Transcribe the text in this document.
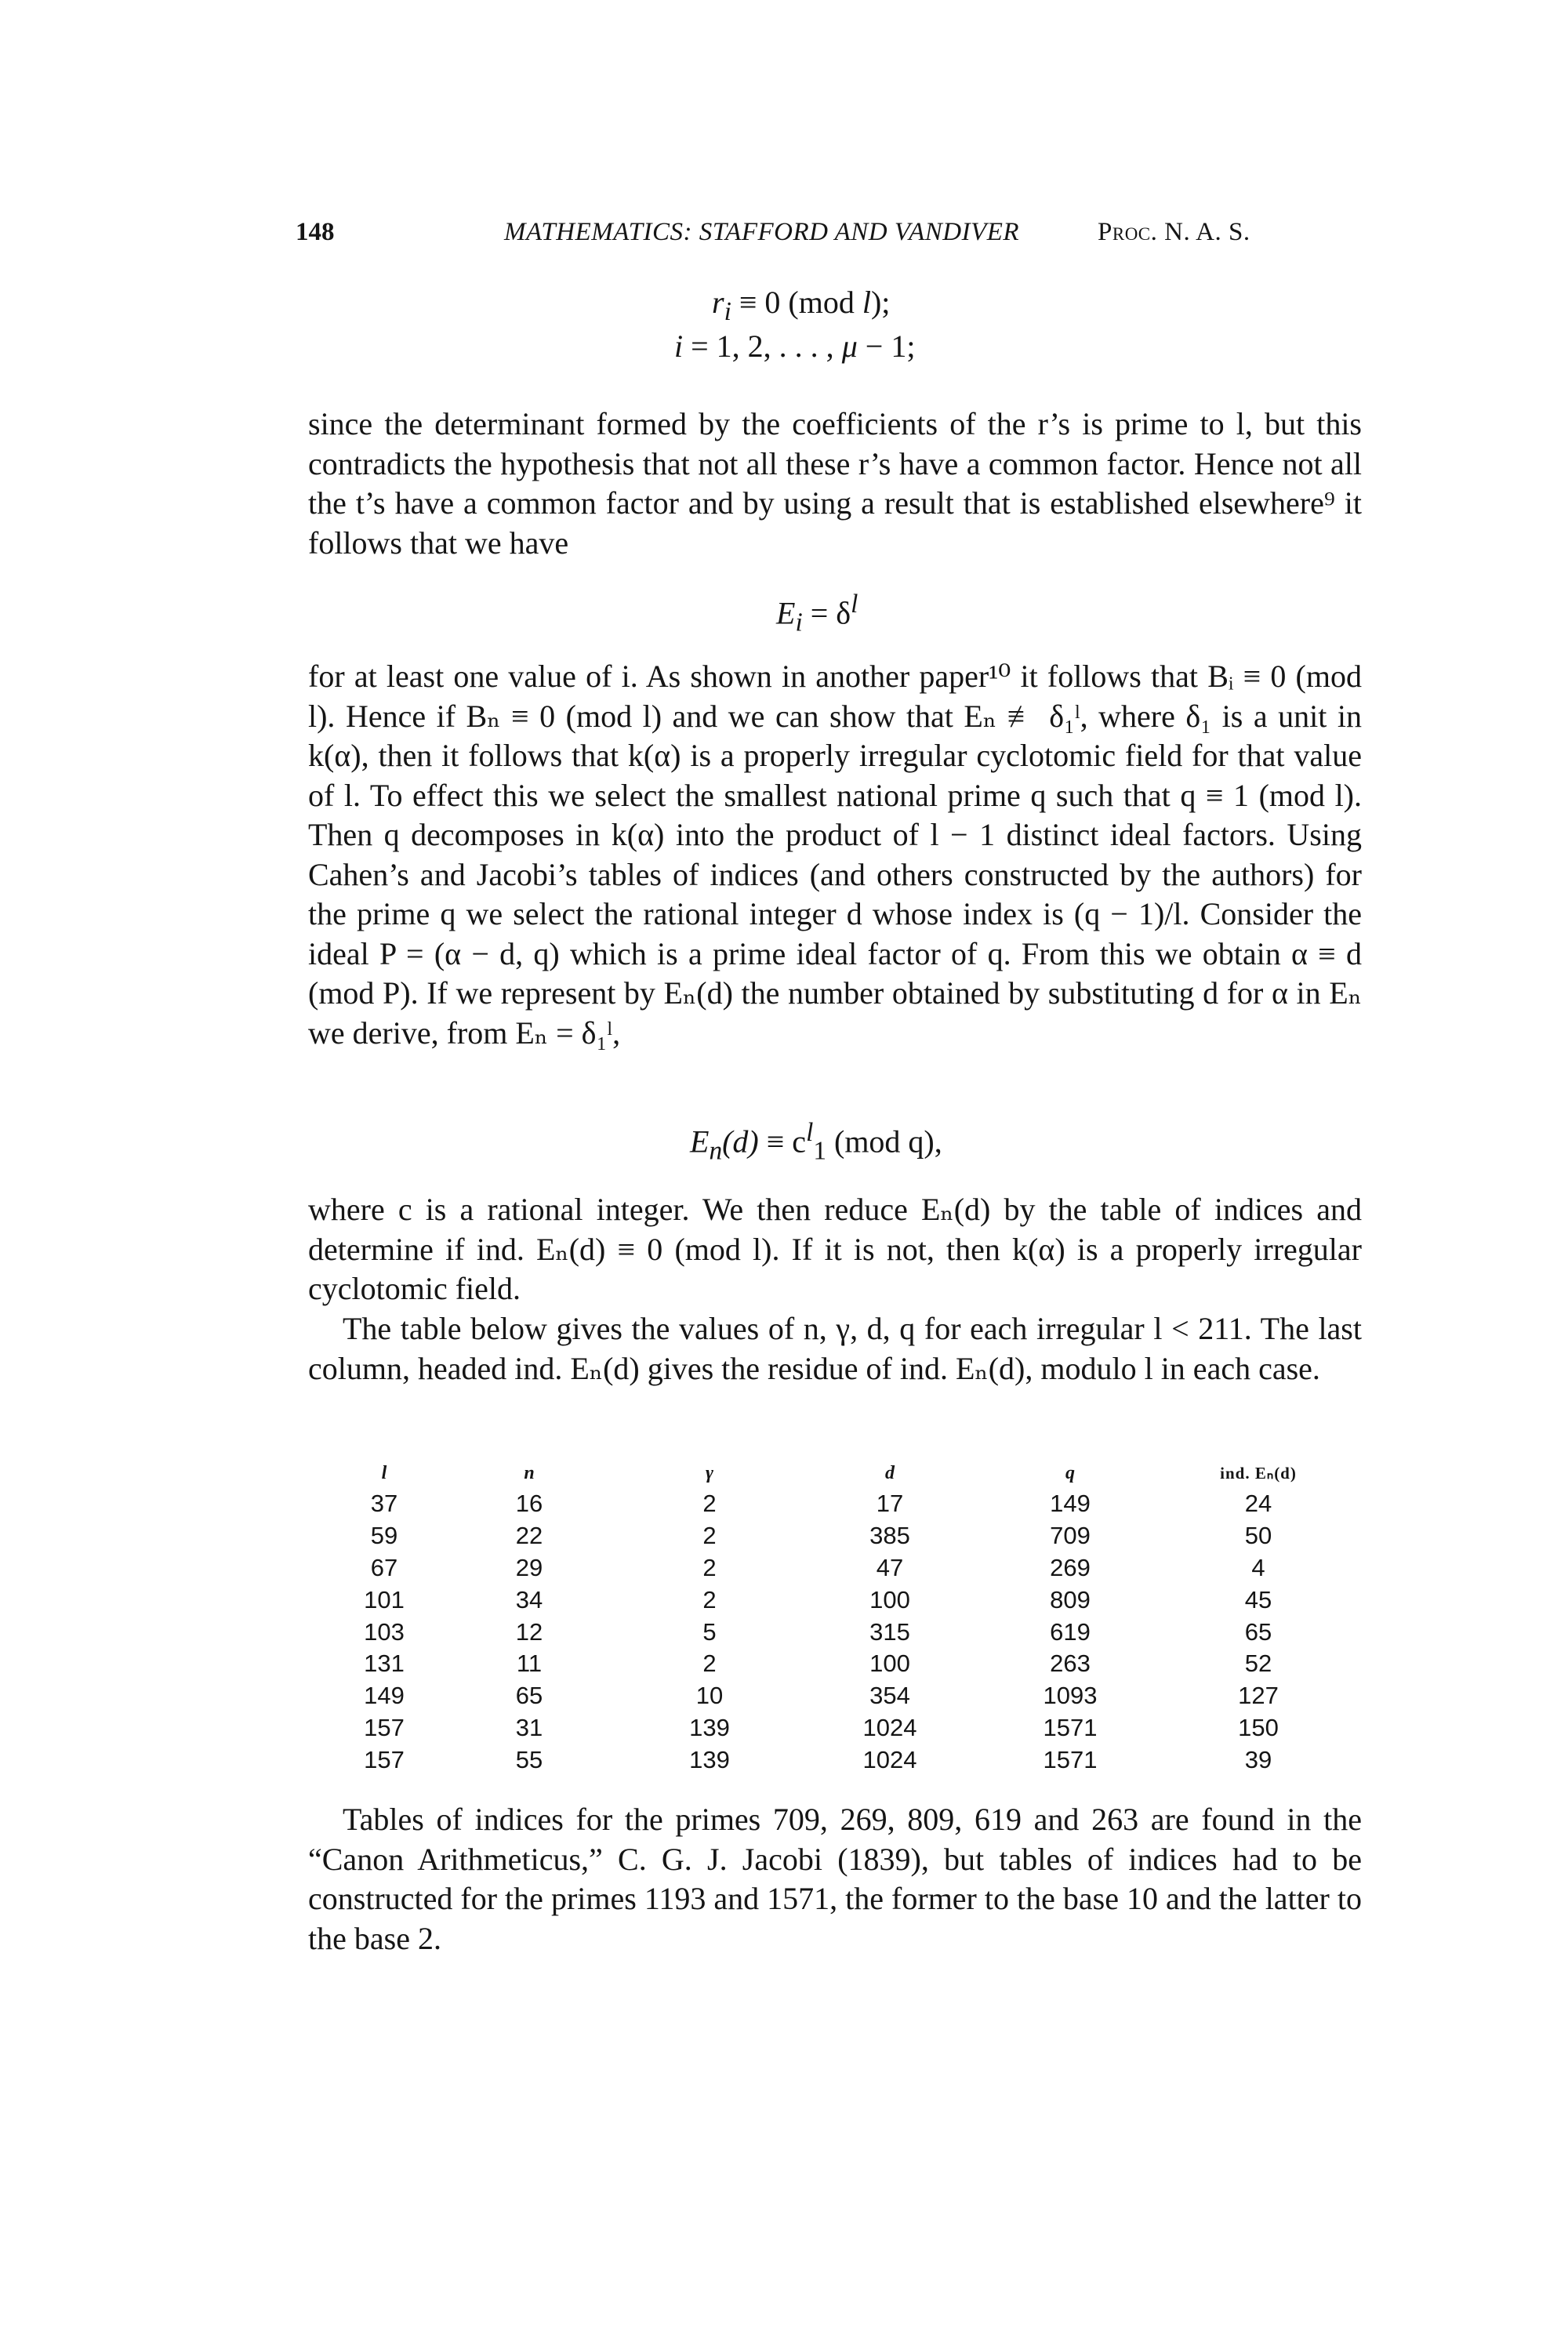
148	MATHEMATICS: STAFFORD AND VANDIVER	Proc. N. A. S.
$r_i \equiv 0$ (mod l);
i = 1, 2, . . . , μ − 1;

since the determinant formed by the coefficients of the r’s is prime to l, but this contradicts the hypothesis that not all these r’s have a common factor. Hence not all the t’s have a common factor and by using a result that is established elsewhere⁹ it follows that we have

$E_i = \delta^l$

for at least one value of i. As shown in another paper¹⁰ it follows that Bᵢ ≡ 0 (mod l). Hence if Bₙ ≡ 0 (mod l) and we can show that Eₙ ≢ δ₁ˡ, where δ₁ is a unit in k(α), then it follows that k(α) is a properly irregular cyclotomic field for that value of l. To effect this we select the smallest national prime q such that q ≡ 1 (mod l). Then q decomposes in k(α) into the product of l − 1 distinct ideal factors. Using Cahen’s and Jacobi’s tables of indices (and others constructed by the authors) for the prime q we select the rational integer d whose index is (q − 1)/l. Consider the ideal P = (α − d, q) which is a prime ideal factor of q. From this we obtain α ≡ d (mod P). If we represent by Eₙ(d) the number obtained by substituting d for α in Eₙ we derive, from Eₙ = δ₁ˡ,

$E_n(d) \equiv c^l_1$ (mod q),

where c is a rational integer. We then reduce Eₙ(d) by the table of indices and determine if ind. Eₙ(d) ≡ 0 (mod l). If it is not, then k(α) is a properly irregular cyclotomic field.

The table below gives the values of n, γ, d, q for each irregular l < 211. The last column, headed ind. Eₙ(d) gives the residue of ind. Eₙ(d), modulo l in each case.

l	n	γ	d	q	ind. Eₙ(d)
37	16	2	17	149	24
59	22	2	385	709	50
67	29	2	47	269	4
101	34	2	100	809	45
103	12	5	315	619	65
131	11	2	100	263	52
149	65	10	354	1093	127
157	31	139	1024	1571	150
157	55	139	1024	1571	39

Tables of indices for the primes 709, 269, 809, 619 and 263 are found in the “Canon Arithmeticus,” C. G. J. Jacobi (1839), but tables of indices had to be constructed for the primes 1193 and 1571, the former to the base 10 and the latter to the base 2.
